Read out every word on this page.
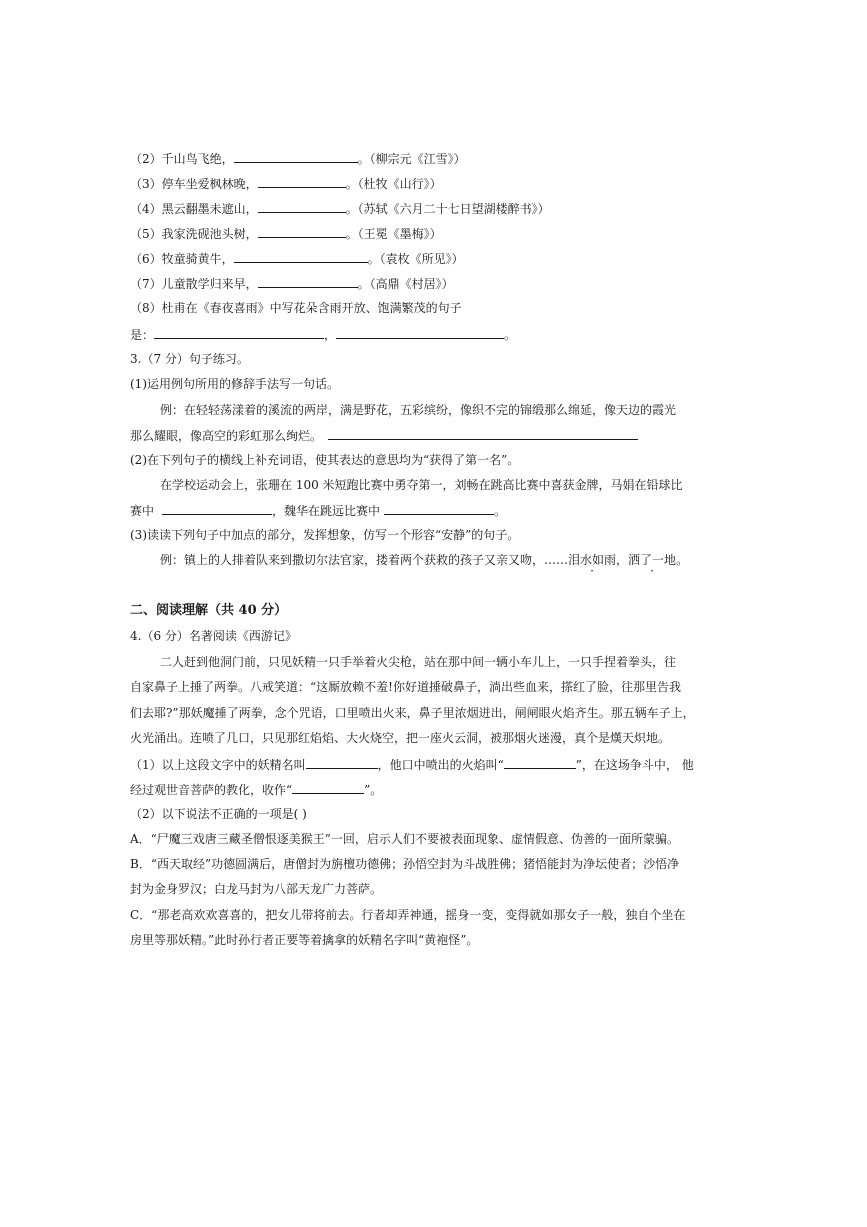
（2）千山鸟飞绝，	。（柳宗元《江雪》）
（3）停车坐爱枫林晚，	。（杜牧《山行》）
（4）黑云翻墨未遮山，	。（苏轼《六月二十七日望湖楼醉书》）
（5）我家洗砚池头树，	。（王冕《墨梅》）
（6）牧童骑黄牛，	。（袁枚《所见》）
（7）儿童散学归来早，	。（高鼎《村居》）
（8）杜甫在《春夜喜雨》中写花朵含雨开放、饱满繁茂的句子
是：	，	。
3.（7 分）句子练习。
(1)运用例句所用的修辞手法写一句话。
例：在轻轻荡漾着的溪流的两岸，满是野花，五彩缤纷，像织不完的锦缎那么绵延，像天边的霞光
那么耀眼，像高空的彩虹那么绚烂。
(2)在下列句子的横线上补充词语，使其表达的意思均为“获得了第一名”。
在学校运动会上，张珊在 100 米短跑比赛中勇夺第一，刘畅在跳高比赛中喜获金牌，马娟在铅球比
赛中	，魏华在跳远比赛中	。
(3)读读下列句子中加点的部分，发挥想象，仿写一个形容“安静”的句子。
例：镇上的人排着队来到撒切尔法官家，搂着两个获救的孩子又亲又吻，……泪水如雨，洒了一地。
二、阅读理解（共 40 分）
4.（6 分）名著阅读《西游记》
二人赶到他洞门前，只见妖精一只手举着火尖枪，站在那中间一辆小车儿上，一只手捏着拳头，往
自家鼻子上捶了两拳。八戒笑道：“这厮放赖不羞!你好道捶破鼻子，淌出些血来，搽红了脸，往那里告我
们去耶?”那妖魔捶了两拳，念个咒语，口里喷出火来，鼻子里浓烟迸出，闸闸眼火焰齐生。那五辆车子上，
火光涌出。连喷了几口，只见那红焰焰、大火烧空，把一座火云洞，被那烟火迷漫，真个是熯天炽地。
（1）以上这段文字中的妖精名叫	，他口中喷出的火焰叫“	”，在这场争斗中， 他
经过观世音菩萨的教化，收作“	”。
（2）以下说法不正确的一项是( )
A．“尸魔三戏唐三藏圣僧恨逐美猴王”一回，启示人们不要被表面现象、虚情假意、伪善的一面所蒙骗。
B．“西天取经”功德圆满后，唐僧封为旃檀功德佛；孙悟空封为斗战胜佛；猪悟能封为净坛使者；沙悟净
封为金身罗汉；白龙马封为八部天龙广力菩萨。
C．“那老高欢欢喜喜的，把女儿带将前去。行者却弄神通，摇身一变，变得就如那女子一般，独自个坐在
房里等那妖精。”此时孙行者正要等着擒拿的妖精名字叫“黄袍怪”。
